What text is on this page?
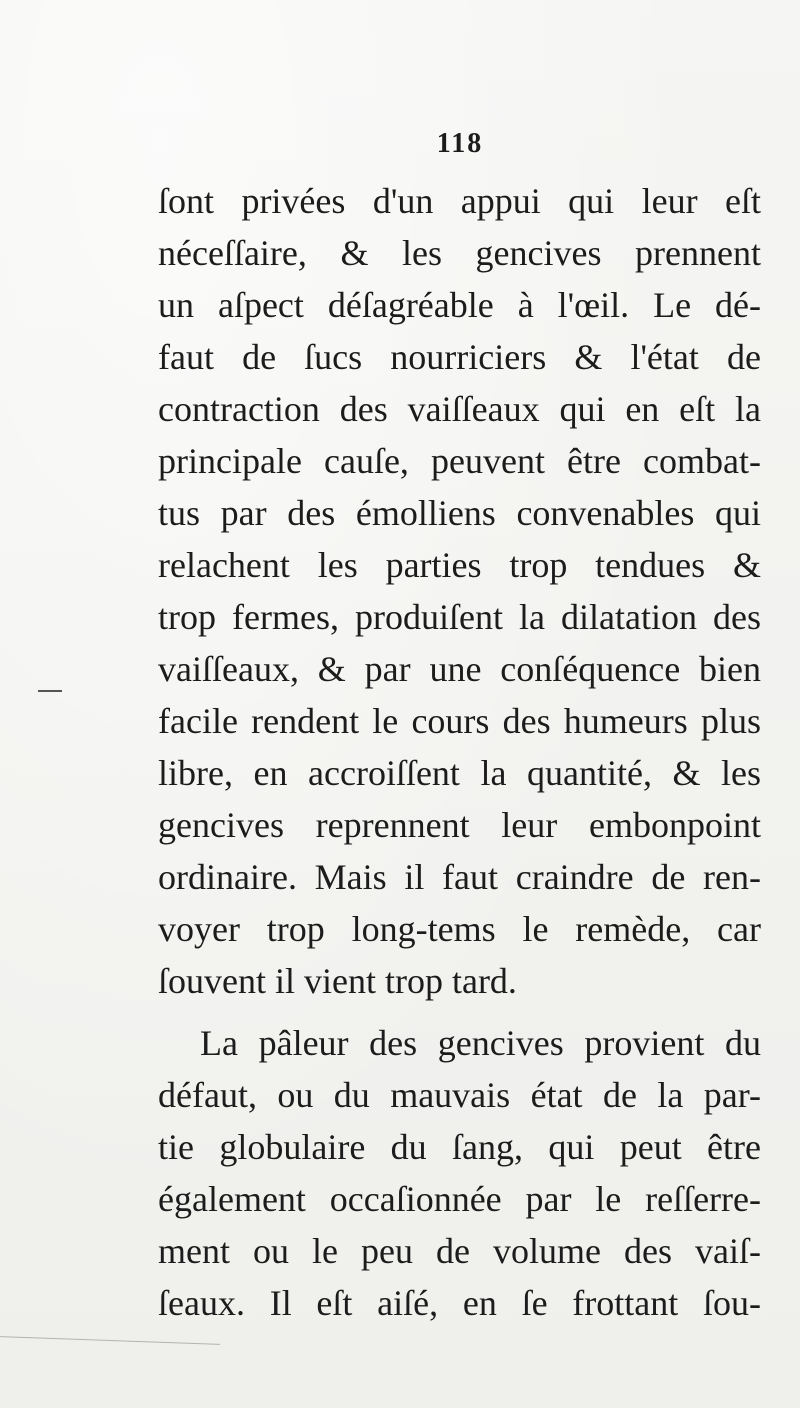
118
ſont privées d'un appui qui leur eſt
néceſſaire, & les gencives prennent
un aſpect déſagréable à l'œil. Le dé-
faut de ſucs nourriciers & l'état de
contraction des vaiſſeaux qui en eſt la
principale cauſe, peuvent être combat-
tus par des émolliens convenables qui
relachent les parties trop tendues &
trop fermes, produiſent la dilatation des
vaiſſeaux, & par une conſéquence bien
facile rendent le cours des humeurs plus
libre, en accroiſſent la quantité, & les
gencives reprennent leur embonpoint
ordinaire. Mais il faut craindre de ren-
voyer trop long-tems le remède, car
ſouvent il vient trop tard.
La pâleur des gencives provient du
défaut, ou du mauvais état de la par-
tie globulaire du ſang, qui peut être
également occaſionnée par le reſſerre-
ment ou le peu de volume des vaiſ-
ſeaux. Il eſt aiſé, en ſe frottant ſou-
